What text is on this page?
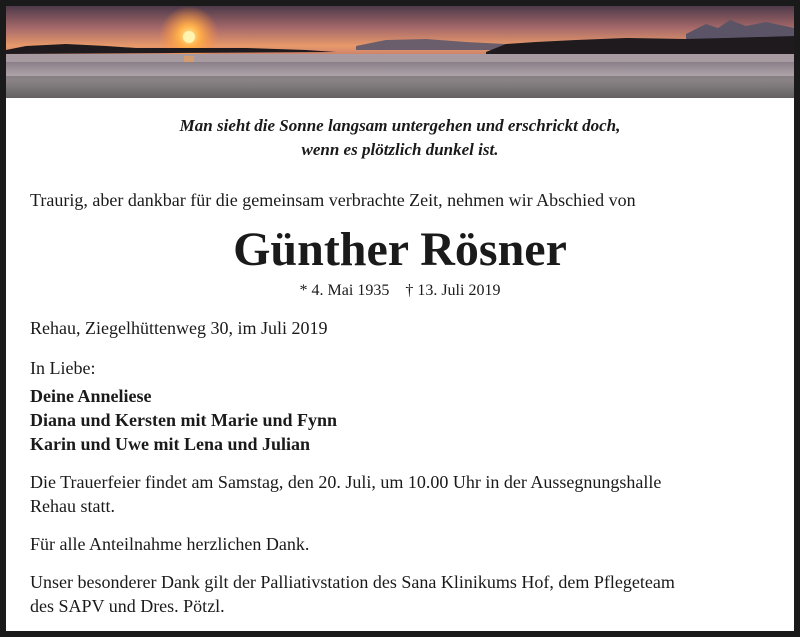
Man sieht die Sonne langsam untergehen und erschrickt doch,
wenn es plötzlich dunkel ist.
Traurig, aber dankbar für die gemeinsam verbrachte Zeit, nehmen wir Abschied von
Günther Rösner
* 4. Mai 1935 † 13. Juli 2019
Rehau, Ziegelhüttenweg 30, im Juli 2019
In Liebe:
Deine Anneliese
Diana und Kersten mit Marie und Fynn
Karin und Uwe mit Lena und Julian
Die Trauerfeier findet am Samstag, den 20. Juli, um 10.00 Uhr in der Aussegnungshalle
Rehau statt.
Für alle Anteilnahme herzlichen Dank.
Unser besonderer Dank gilt der Palliativstation des Sana Klinikums Hof, dem Pflegeteam
des SAPV und Dres. Pötzl.
